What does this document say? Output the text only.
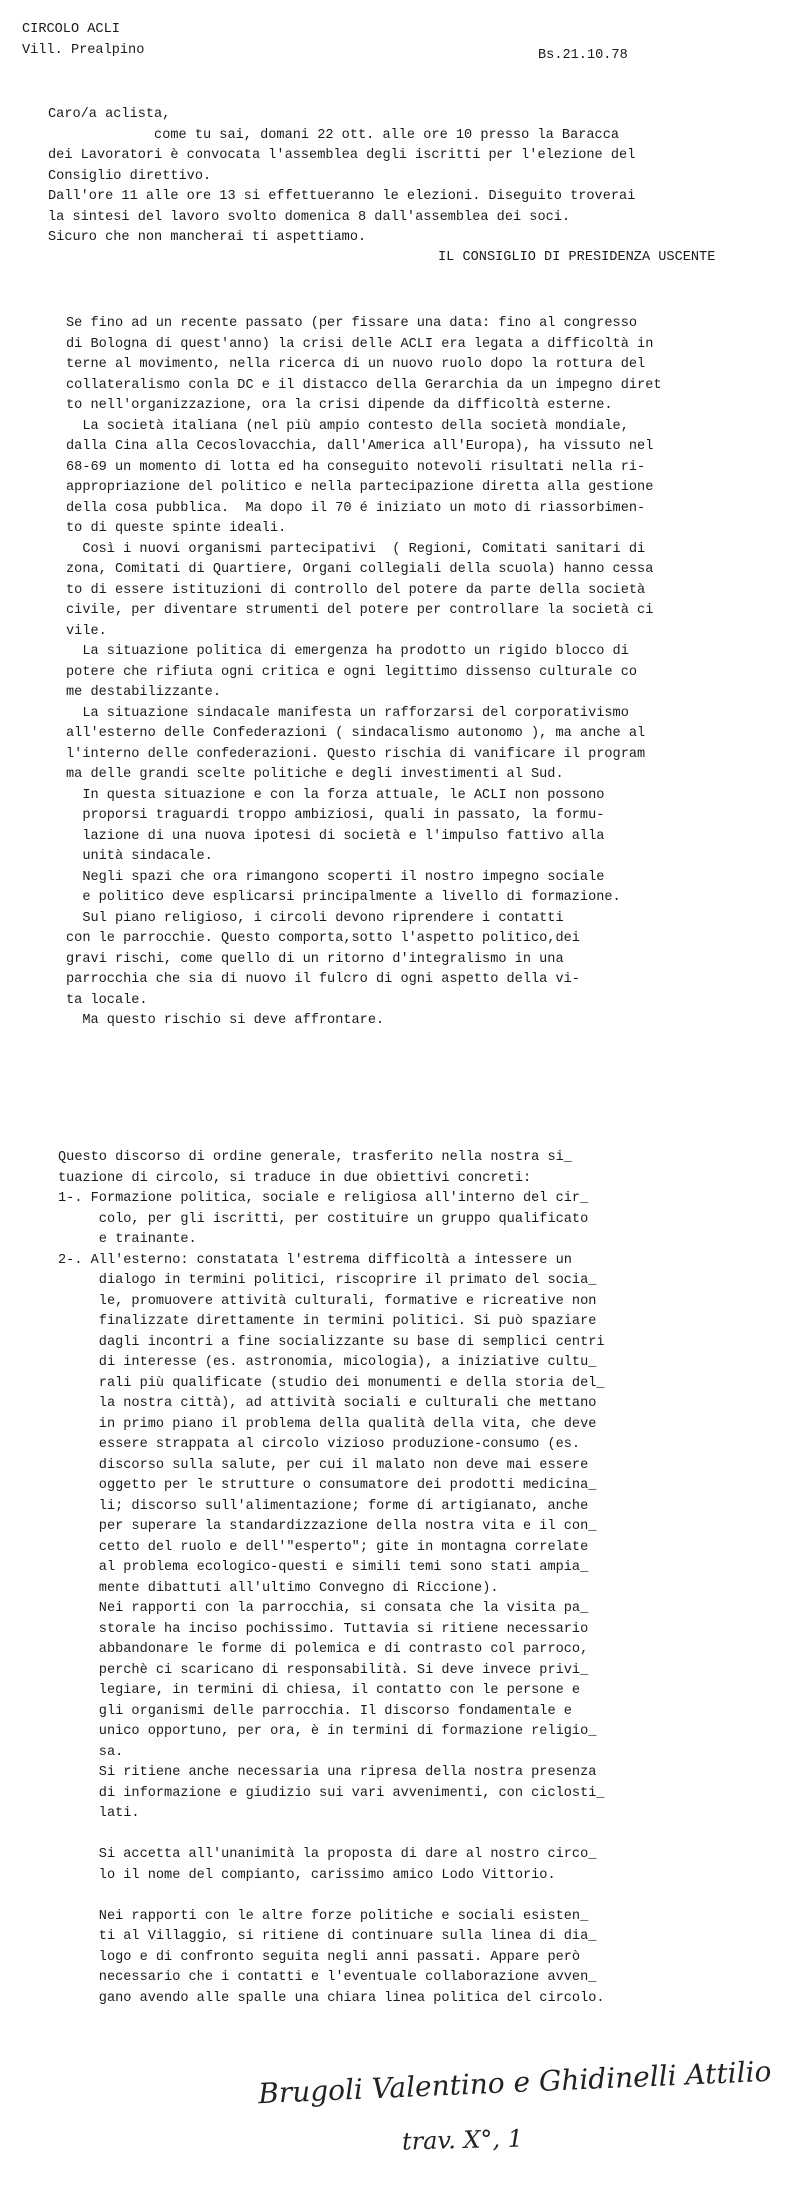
CIRCOLO ACLI
Vill. Prealpino	Bs.21.10.78
Caro/a aclista,
come tu sai, domani 22 ott. alle ore 10 presso la Baracca
dei Lavoratori è convocata l'assemblea degli iscritti per l'elezione del
Consiglio direttivo.
Dall'ore 11 alle ore 13 si effettueranno le elezioni. Diseguito troverai
la sintesi del lavoro svolto domenica 8 dall'assemblea dei soci.
Sicuro che non mancherai ti aspettiamo.
IL CONSIGLIO DI PRESIDENZA USCENTE
Se fino ad un recente passato (per fissare una data: fino al congresso
di Bologna di quest'anno) la crisi delle ACLI era legata a difficoltà in
terne al movimento, nella ricerca di un nuovo ruolo dopo la rottura del
collateralismo conla DC e il distacco della Gerarchia da un impegno diret
to nell'organizzazione, ora la crisi dipende da difficoltà esterne.
La società italiana (nel più ampio contesto della società mondiale,
dalla Cina alla Cecoslovacchia, dall'America all'Europa), ha vissuto nel
68-69 un momento di lotta ed ha conseguito notevoli risultati nella ri-
appropriazione del politico e nella partecipazione diretta alla gestione
della cosa pubblica.  Ma dopo il 70 é iniziato un moto di riassorbimen-
to di queste spinte ideali.
Così i nuovi organismi partecipativi  ( Regioni, Comitati sanitari di
zona, Comitati di Quartiere, Organi collegiali della scuola) hanno cessa
to di essere istituzioni di controllo del potere da parte della società
civile, per diventare strumenti del potere per controllare la società ci
vile.
La situazione politica di emergenza ha prodotto un rigido blocco di
potere che rifiuta ogni critica e ogni legittimo dissenso culturale co
me destabilizzante.
La situazione sindacale manifesta un rafforzarsi del corporativismo
all'esterno delle Confederazioni ( sindacalismo autonomo ), ma anche al
l'interno delle confederazioni. Questo rischia di vanificare il program
ma delle grandi scelte politiche e degli investimenti al Sud.
In questa situazione e con la forza attuale, le ACLI non possono
proporsi traguardi troppo ambiziosi, quali in passato, la formu-
lazione di una nuova ipotesi di società e l'impulso fattivo alla
unità sindacale.
Negli spazi che ora rimangono scoperti il nostro impegno sociale
e politico deve esplicarsi principalmente a livello di formazione.
Sul piano religioso, i circoli devono riprendere i contatti
con le parrocchie. Questo comporta,sotto l'aspetto politico,dei
gravi rischi, come quello di un ritorno d'integralismo in una
parrocchia che sia di nuovo il fulcro di ogni aspetto della vi-
ta locale.
Ma questo rischio si deve affrontare.
Questo discorso di ordine generale, trasferito nella nostra si_
tuazione di circolo, si traduce in due obiettivi concreti:
1-. Formazione politica, sociale e religiosa all'interno del cir_
colo, per gli iscritti, per costituire un gruppo qualificato
e trainante.
2-. All'esterno: constatata l'estrema difficoltà a intessere un
dialogo in termini politici, riscoprire il primato del socia_
le, promuovere attività culturali, formative e ricreative non
finalizzate direttamente in termini politici. Si può spaziare
dagli incontri a fine socializzante su base di semplici centri
di interesse (es. astronomia, micologia), a iniziative cultu_
rali più qualificate (studio dei monumenti e della storia del_
la nostra città), ad attività sociali e culturali che mettano
in primo piano il problema della qualità della vita, che deve
essere strappata al circolo vizioso produzione-consumo (es.
discorso sulla salute, per cui il malato non deve mai essere
oggetto per le strutture o consumatore dei prodotti medicina_
li; discorso sull'alimentazione; forme di artigianato, anche
per superare la standardizzazione della nostra vita e il con_
cetto del ruolo e dell'"esperto"; gite in montagna correlate
al problema ecologico-questi e simili temi sono stati ampia_
mente dibattuti all'ultimo Convegno di Riccione).
Nei rapporti con la parrocchia, si consata che la visita pa_
storale ha inciso pochissimo. Tuttavia si ritiene necessario
abbandonare le forme di polemica e di contrasto col parroco,
perchè ci scaricano di responsabilità. Si deve invece privi_
legiare, in termini di chiesa, il contatto con le persone e
gli organismi delle parrocchia. Il discorso fondamentale e
unico opportuno, per ora, è in termini di formazione religio_
sa.
Si ritiene anche necessaria una ripresa della nostra presenza
di informazione e giudizio sui vari avvenimenti, con ciclosti_
lati.
Si accetta all'unanimità la proposta di dare al nostro circo_
lo il nome del compianto, carissimo amico Lodo Vittorio.
Nei rapporti con le altre forze politiche e sociali esisten_
ti al Villaggio, si ritiene di continuare sulla linea di dia_
logo e di confronto seguita negli anni passati. Appare però
necessario che i contatti e l'eventuale collaborazione avven_
gano avendo alle spalle una chiara linea politica del circolo.
Brugoli Valentino e Ghidinelli Attilio
trav. X°, 1
